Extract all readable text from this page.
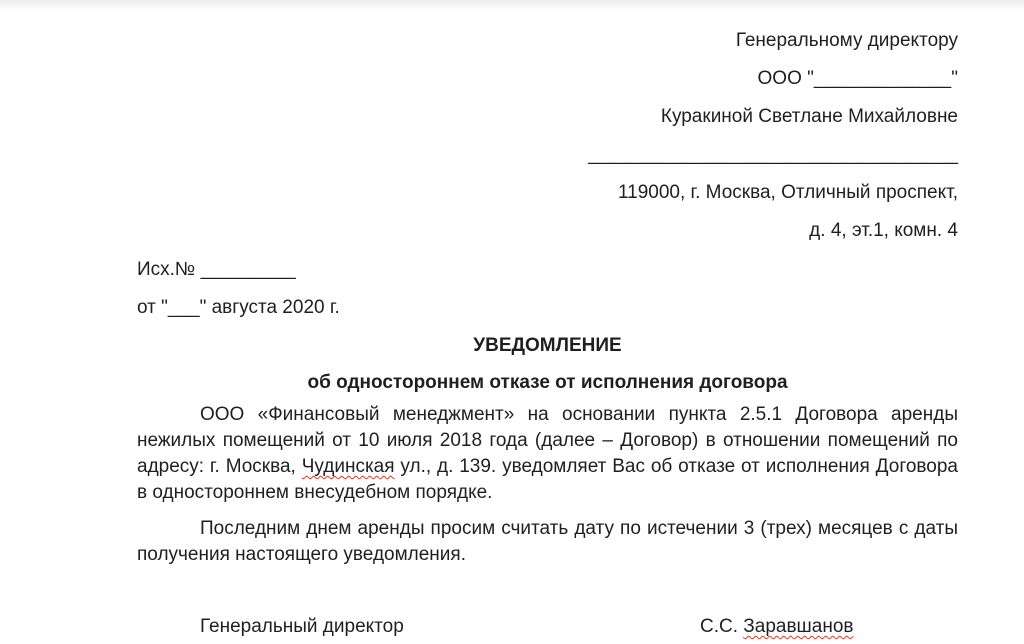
Генеральному директору
ООО "_____________"
Куракиной Светлане Михайловне
___________________________________
119000, г. Москва, Отличный проспект,
д. 4, эт.1, комн. 4
Исх.№ _________
от "___" августа 2020 г.
УВЕДОМЛЕНИЕ
об одностороннем отказе от исполнения договора
ООО «Финансовый менеджмент» на основании пункта 2.5.1 Договора аренды
нежилых помещений от 10 июля 2018 года (далее – Договор) в отношении помещений по
адресу: г. Москва, Чудинская ул., д. 139. уведомляет Вас об отказе от исполнения Договора
в одностороннем внесудебном порядке.
Последним днем аренды просим считать дату по истечении 3 (трех) месяцев с даты
получения настоящего уведомления.
Генеральный директор	С.С. Заравшанов
